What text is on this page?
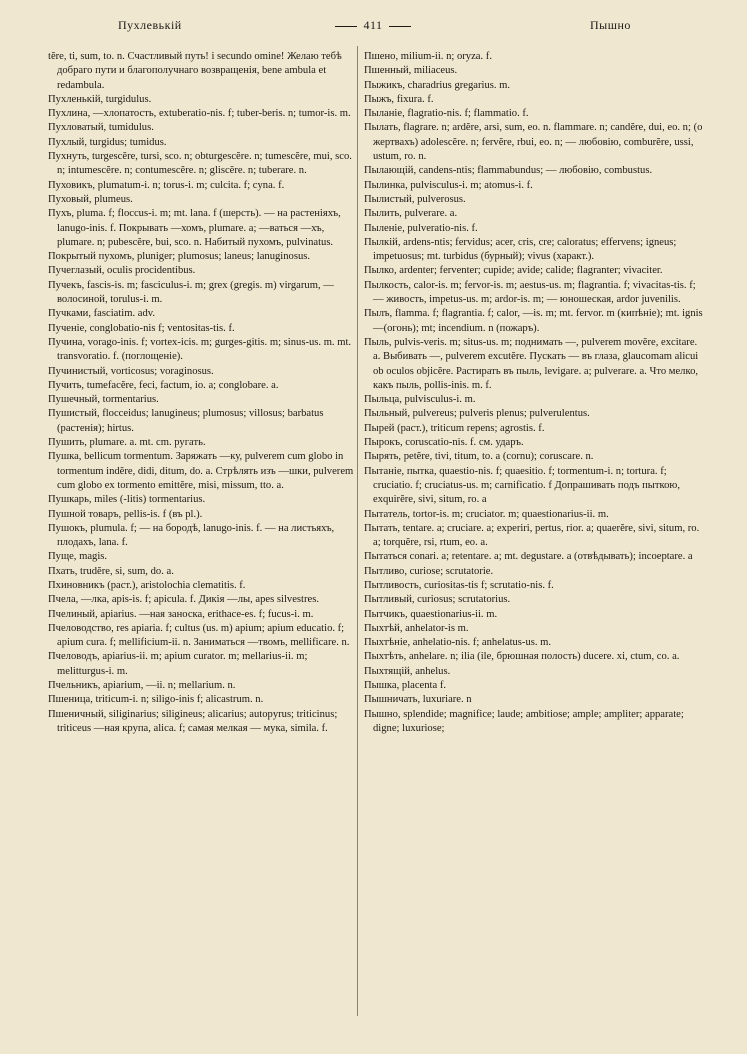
Пухлевькій	411	Пышно

tĕre, ti, sum, to. n. Счастливый путь! i secundo omine! Желаю тебѣ добраго пути и благополучнаго возвращенія, bene ambula et redambula.

Пухленькій, turgidulus.

Пухлина, —хлопатость, extuberatio-nis. f; tuber-beris. n; tumor-is. m.

Пухловатый, tumidulus.

Пухлый, turgidus; tumidus.

Пухнуть, turgescĕre, tursi, sco. n; obturgescĕre. n; tumescĕre, mui, sco. n; intumescĕre. n; contumescĕre. n; gliscĕre. n; tuberare. n.

Пуховикъ, plumatum-i. n; torus-i. m; culcita. f; cyna. f.

Пуховый, plumeus.

Пухъ, pluma. f; floccus-i. m; mt. lana. f (шерсть). — на растеніяхъ, lanugo-inis. f. Покрывать —хомъ, plumare. a; —ваться —хъ, plumare. n; pubescĕre, bui, sco. n. Набитый пухомъ, pulvinatus.

Покрытый пухомъ, pluniger; plumosus; laneus; lanuginosus.

Пучеглазый, oculis procidentibus.

Пучекъ, fascis-is. m; fasciculus-i. m; grex (gregis. m) virgarum, —волосиной, torulus-i. m.

Пучками, fasciatim. adv.

Пученіе, conglobatio-nis f; ventositas-tis. f.

Пучина, vorago-inis. f; vortex-icis. m; gurges-gitis. m; sinus-us. m. mt. transvoratio. f. (поглощеніе).

Пучинистый, vorticosus; voraginosus.

Пучить, tumefacĕre, feci, factum, io. a; conglobare. a.

Пушечный, tormentarius.

Пушистый, flocceidus; lanugineus; plumosus; villosus; barbatus (растенія); hirtus.

Пушить, plumare. a. mt. cm. ругать.

Пушка, bellicum tormentum. Заряжать —ку, pulverem cum globo in tormentum indĕre, didi, ditum, do. a. Стрѣлять изъ —шки, pulverem cum globo ex tormento emittĕre, misi, missum, tto. a.

Пушкарь, miles (-litis) tormentarius.

Пушной товаръ, pellis-is. f (въ pl.).

Пушокъ, plumula. f; — на бородѣ, lanugo-inis. f. — на листьяхъ, плодахъ, lana. f.

Пуще, magis.

Пхать, trudĕre, si, sum, do. a.

Пхиновникъ (раст.), aristolochia clematitis. f.

Пчела, —лка, apis-is. f; apicula. f. Дикія —лы, apes silvestres.

Пчелиный, apiarius. —ная заноска, erithace-es. f; fucus-i. m.

Пчеловодство, res apiaria. f; cultus (us. m) apium; apium educatio. f; apium cura. f; mellificium-ii. n. Заниматься —твомъ, mellificare. n.

Пчеловодъ, apiarius-ii. m; apium curator. m; mellarius-ii. m; melitturgus-i. m.

Пчельникъ, apiarium, —ii. n; mellarium. n.

Пшеница, triticum-i. n; siligo-inis f; alicastrum. n.

Пшеничный, siliginarius; siligineus; alicarius; autopyrus; triticinus; triticeus —ная крупа, alica. f; самая мелкая — мука, simila. f.

Пшено, milium-ii. n; oryza. f.

Пшенный, miliaceus.

Пыжикъ, charadrius gregarius. m.

Пыжъ, fixura. f.

Пыланіе, flagratio-nis. f; flammatio. f.

Пылать, flagrare. n; ardĕre, arsi, sum, eo. n. flammare. n; candĕre, dui, eo. n; (о жертвахъ) adolescĕre. n; fervĕre, rbui, eo. n; — любовію, comburĕre, ussi, ustum, ro. n.

Пылающій, candens-ntis; flammabundus; — любовію, combustus.

Пылинка, pulvisculus-i. m; atomus-i. f.

Пылистый, pulverosus.

Пылить, pulverare. a.

Пыленіе, pulveratio-nis. f.

Пылкій, ardens-ntis; fervidus; acer, cris, cre; caloratus; effervens; igneus; impetuosus; mt. turbidus (бурный); vivus (характ.).

Пылко, ardenter; ferventer; cupide; avide; calide; flagranter; vivaciter.

Пылкость, calor-is. m; fervor-is. m; aestus-us. m; flagrantia. f; vivacitas-tis. f; — живость, impetus-us. m; ardor-is. m; — юношеская, ardor juvenilis.

Пылъ, flamma. f; flagrantia. f; calor, —is. m; mt. fervor. m (кипѣніе); mt. ignis —(огонь); mt; incendium. n (пожаръ).

Пыль, pulvis-veris. m; situs-us. m; поднимать —, pulverem movĕre, excitare. a. Выбивать —, pulverem excutĕre. Пускать — въ глаза, glaucomam alicui ob oculos objicĕre. Растирать въ пыль, levigare. a; pulverare. a. Что мелко, какъ пыль, pollis-inis. m. f.

Пыльца, pulvisculus-i. m.

Пыльный, pulvereus; pulveris plenus; pulverulentus.

Пырей (раст.), triticum repens; agrostis. f.

Пырокъ, coruscatio-nis. f. см. ударъ.

Пырять, petĕre, tivi, titum, to. a (cornu); coruscare. n.

Пытаніе, пытка, quaestio-nis. f; quaesitio. f; tormentum-i. n; tortura. f; cruciatio. f; cruciatus-us. m; carnificatio. f Допрашивать подъ пыткою, exquirĕre, sivi, situm, ro. a

Пытатель, tortor-is. m; cruciator. m; quaestionarius-ii. m.

Пытать, tentare. a; cruciare. a; experiri, pertus, rior. a; quaerĕre, sivi, situm, ro. a; torquĕre, rsi, rtum, eo. a.

Пытаться conari. a; retentare. a; mt. degustare. a (отвѣдывать); incoeptare. a

Пытливо, curiose; scrutatorie.

Пытливость, curiositas-tis f; scrutatio-nis. f.

Пытливый, curiosus; scrutatorius.

Пытчикъ, quaestionarius-ii. m.

Пыхтѣй, anhelator-is m.

Пыхтѣніе, anhelatio-nis. f; anhelatus-us. m.

Пыхтѣть, anhelare. n; ilia (ile, брюшная полость) ducere. xi, ctum, co. a.

Пыхтящій, anhelus.

Пышка, placenta f.

Пышничать, luxuriare. n

Пышно, splendide; magnifice; laude; ambitiose; ample; ampliter; apparate; digne; luxuriose;
